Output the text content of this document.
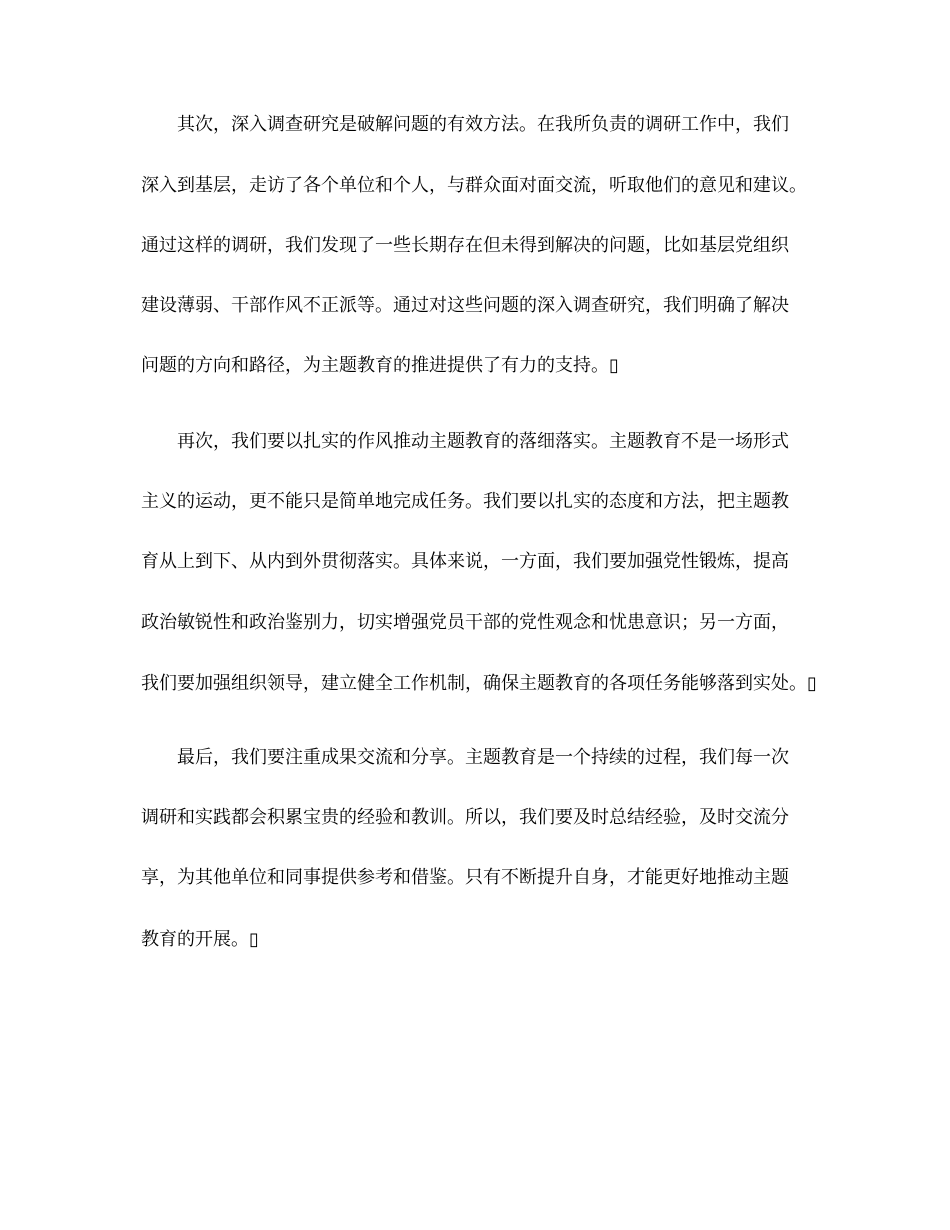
其次，深入调查研究是破解问题的有效方法。在我所负责的调研工作中，我们

深入到基层，走访了各个单位和个人，与群众面对面交流，听取他们的意见和建议。

通过这样的调研，我们发现了一些长期存在但未得到解决的问题，比如基层党组织

建设薄弱、干部作风不正派等。通过对这些问题的深入调查研究，我们明确了解决

问题的方向和路径，为主题教育的推进提供了有力的支持。▯

再次，我们要以扎实的作风推动主题教育的落细落实。主题教育不是一场形式

主义的运动，更不能只是简单地完成任务。我们要以扎实的态度和方法，把主题教

育从上到下、从内到外贯彻落实。具体来说，一方面，我们要加强党性锻炼，提高

政治敏锐性和政治鉴别力，切实增强党员干部的党性观念和忧患意识；另一方面，

我们要加强组织领导，建立健全工作机制，确保主题教育的各项任务能够落到实处。▯

最后，我们要注重成果交流和分享。主题教育是一个持续的过程，我们每一次

调研和实践都会积累宝贵的经验和教训。所以，我们要及时总结经验，及时交流分

享，为其他单位和同事提供参考和借鉴。只有不断提升自身，才能更好地推动主题

教育的开展。▯
